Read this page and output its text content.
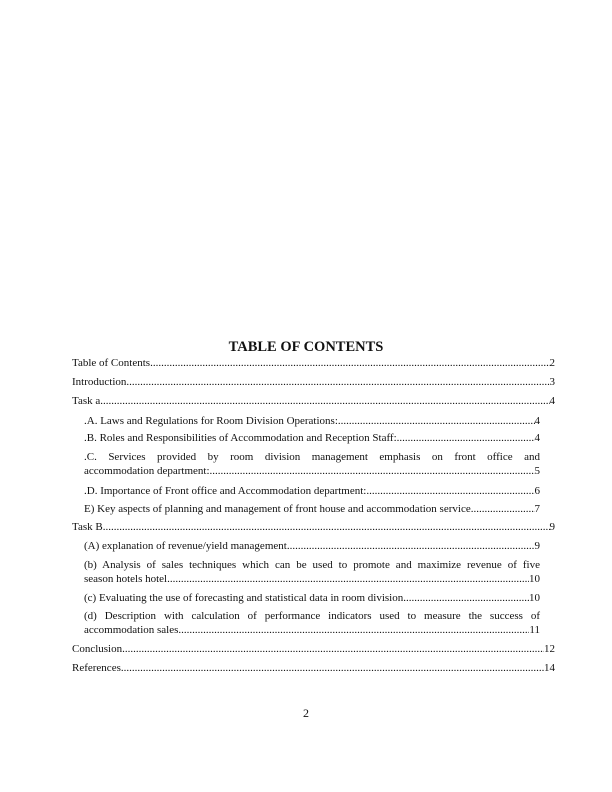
TABLE OF CONTENTS
Table of Contents .....	2
Introduction .....	3
Task a .....	4
.A. Laws and Regulations for Room Division Operations: .....	4
.B. Roles and Responsibilities of Accommodation and Reception Staff: .....	4
.C. Services provided by room division management emphasis on front office and
accommodation department: .....	5
.D. Importance of Front office and Accommodation department: .....	6
E) Key aspects of planning and management of front house and accommodation service .....	7
Task B .....	9
(A) explanation of revenue/yield management .....	9
(b) Analysis of sales techniques which can be used to promote and maximize revenue of five
season hotels hotel .....	10
(c) Evaluating the use of forecasting and statistical data in room division .....	10
(d) Description with calculation of performance indicators used to measure the success of
accommodation sales .....	11
Conclusion .....	12
References .....	14
2
